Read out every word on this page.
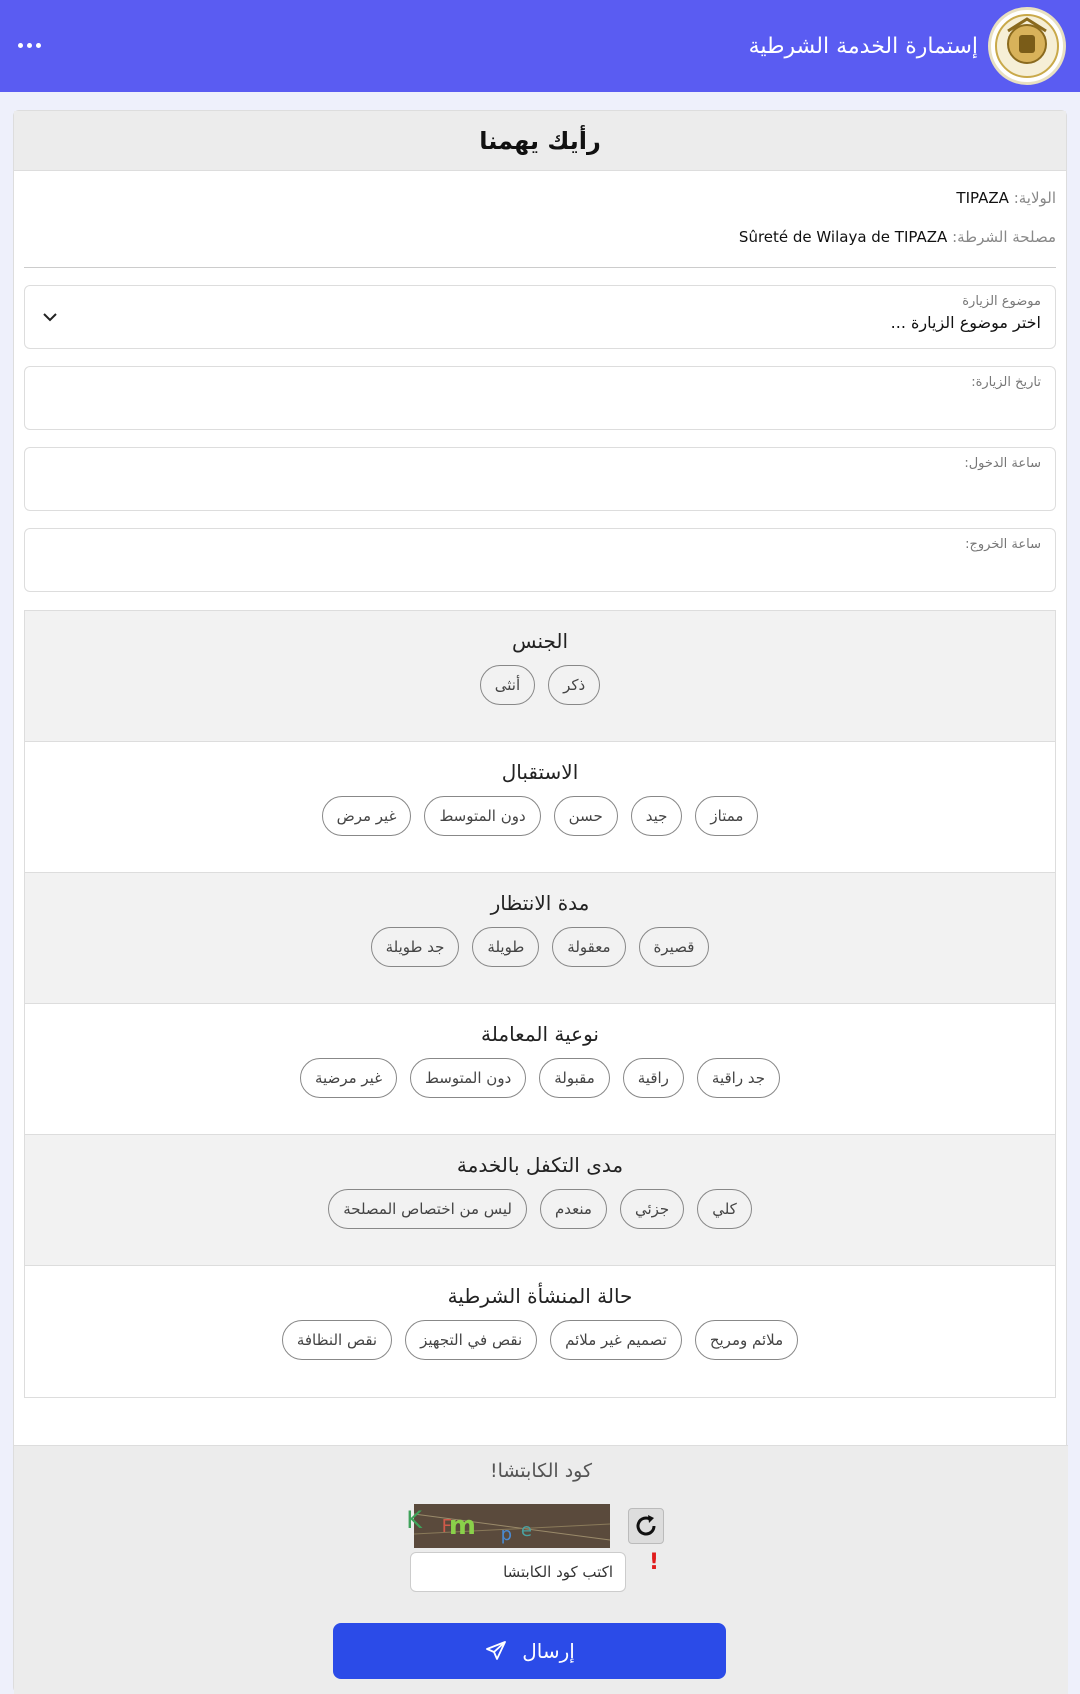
إستمارة الخدمة الشرطية
رأيك يهمنا
الولاية: TIPAZA
مصلحة الشرطة: Sûreté de Wilaya de TIPAZA
موضوع الزيارة
اختر موضوع الزيارة ...
تاريخ الزيارة:
ساعة الدخول:
ساعة الخروج:
الجنس
ذكر
أنثى
الاستقبال
ممتاز
جيد
حسن
دون المتوسط
غير مرض
مدة الانتظار
قصيرة
معقولة
طويلة
جد طويلة
نوعية المعاملة
جد راقية
راقية
مقبولة
دون المتوسط
غير مرضية
مدى التكفل بالخدمة
كلي
جزئي
منعدم
ليس من اختصاص المصلحة
حالة المنشأة الشرطية
ملائم ومريح
تصميم غير ملائم
نقص في التجهيز
نقص النظافة
كود الكابتشا!
K F
m p e
اكتب كود الكابتشا
!
إرسال
